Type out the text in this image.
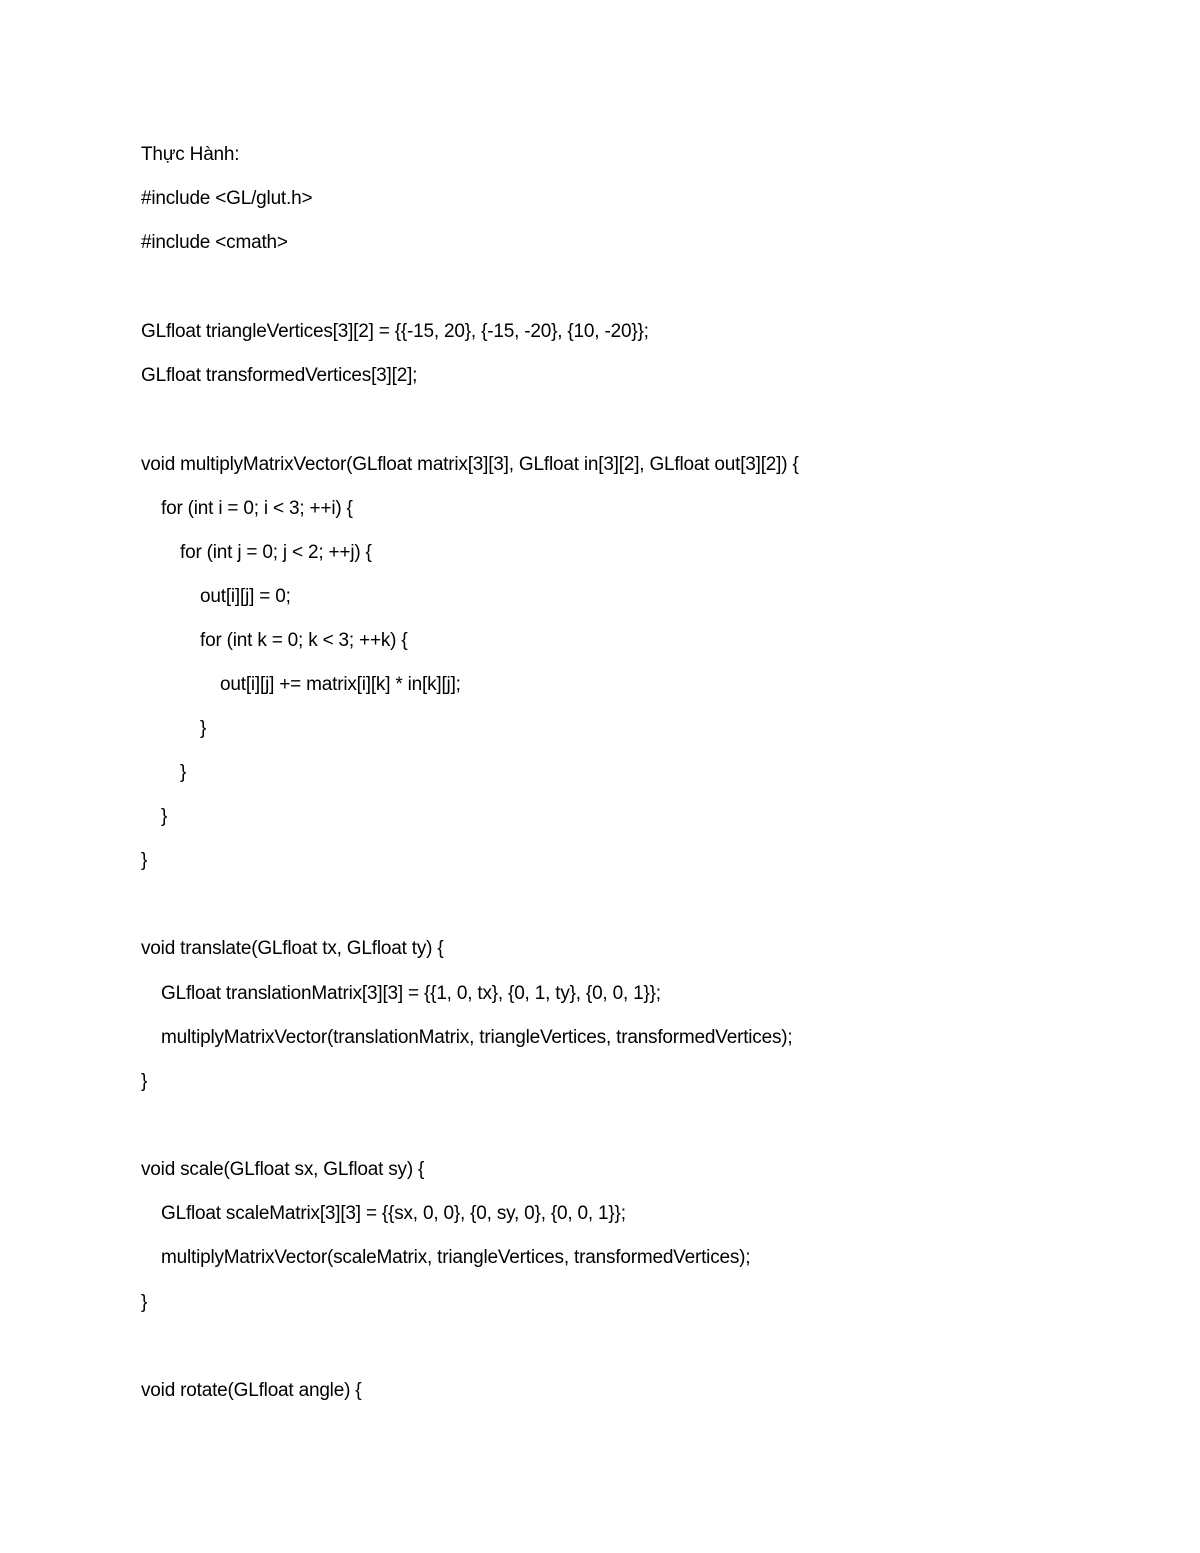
Thực Hành:
#include <GL/glut.h>
#include <cmath>
GLfloat triangleVertices[3][2] = {{-15, 20}, {-15, -20}, {10, -20}};
GLfloat transformedVertices[3][2];
void multiplyMatrixVector(GLfloat matrix[3][3], GLfloat in[3][2], GLfloat out[3][2]) {
for (int i = 0; i < 3; ++i) {
for (int j = 0; j < 2; ++j) {
out[i][j] = 0;
for (int k = 0; k < 3; ++k) {
out[i][j] += matrix[i][k] * in[k][j];
}
}
}
}
void translate(GLfloat tx, GLfloat ty) {
GLfloat translationMatrix[3][3] = {{1, 0, tx}, {0, 1, ty}, {0, 0, 1}};
multiplyMatrixVector(translationMatrix, triangleVertices, transformedVertices);
}
void scale(GLfloat sx, GLfloat sy) {
GLfloat scaleMatrix[3][3] = {{sx, 0, 0}, {0, sy, 0}, {0, 0, 1}};
multiplyMatrixVector(scaleMatrix, triangleVertices, transformedVertices);
}
void rotate(GLfloat angle) {
